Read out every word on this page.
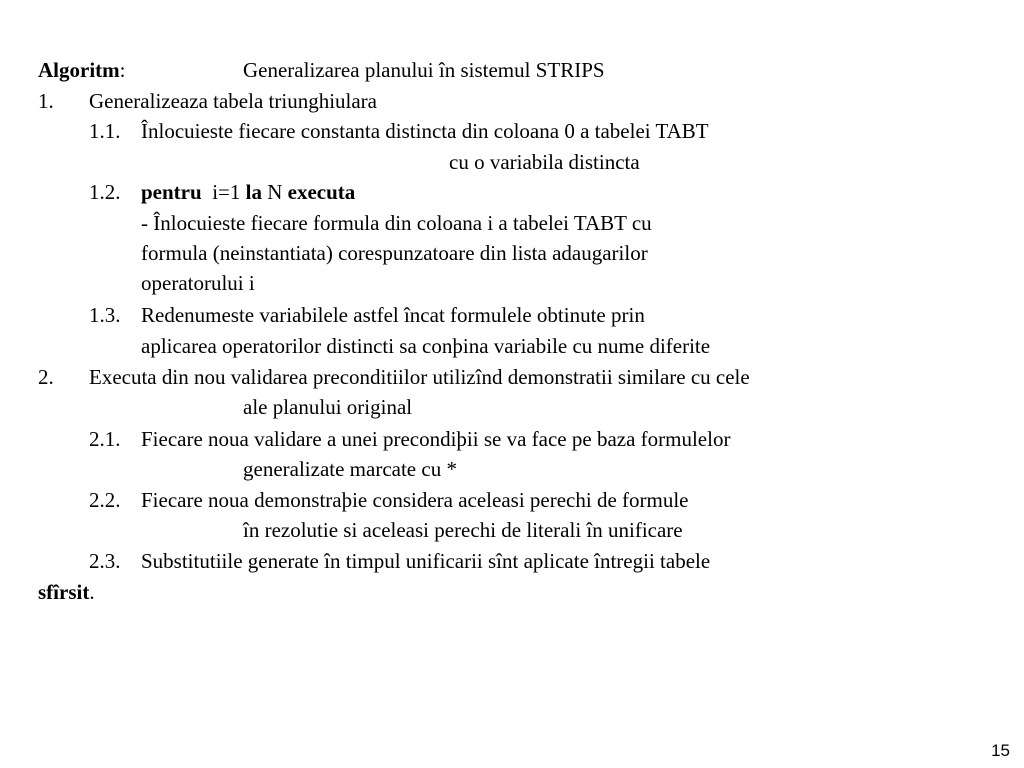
Algoritm:	Generalizarea planului în sistemul STRIPS
1. Generalizeaza tabela triunghiulara
1.1. Înlocuieste fiecare constanta distincta din coloana 0 a tabelei TABT
cu o variabila distincta
1.2. pentru i=1 la N executa
- Înlocuieste fiecare formula din coloana i a tabelei TABT cu
formula (neinstantiata) corespunzatoare din lista adaugarilor
operatorului i
1.3. Redenumeste variabilele astfel încat formulele obtinute prin
aplicarea operatorilor distincti sa conþina variabile cu nume diferite
2. Executa din nou validarea preconditiilor utilizînd demonstratii similare cu cele
ale planului original
2.1. Fiecare noua validare a unei precondiþii se va face pe baza formulelor
generalizate marcate cu *
2.2. Fiecare noua demonstraþie considera aceleasi perechi de formule
în rezolutie si aceleasi perechi de literali în unificare
2.3. Substitutiile generate în timpul unificarii sînt aplicate întregii tabele
sfîrsit.
15
